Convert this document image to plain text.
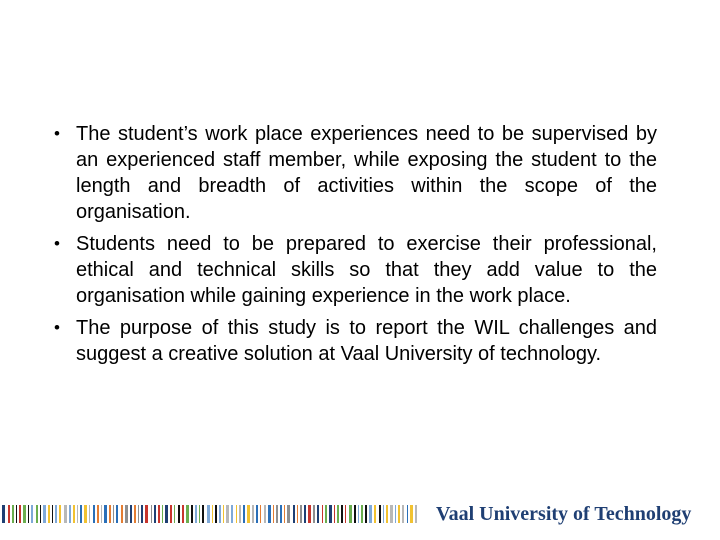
• The student’s work place experiences need to be supervised by an experienced staff member, while exposing the student to the length and breadth of activities within the scope of the organisation.
• Students need to be prepared to exercise their professional, ethical and technical skills so that they add value to the organisation while gaining experience in the work place.
• The purpose of this study is to report the WIL challenges and suggest a creative solution at Vaal University of technology.
Vaal University of Technology
